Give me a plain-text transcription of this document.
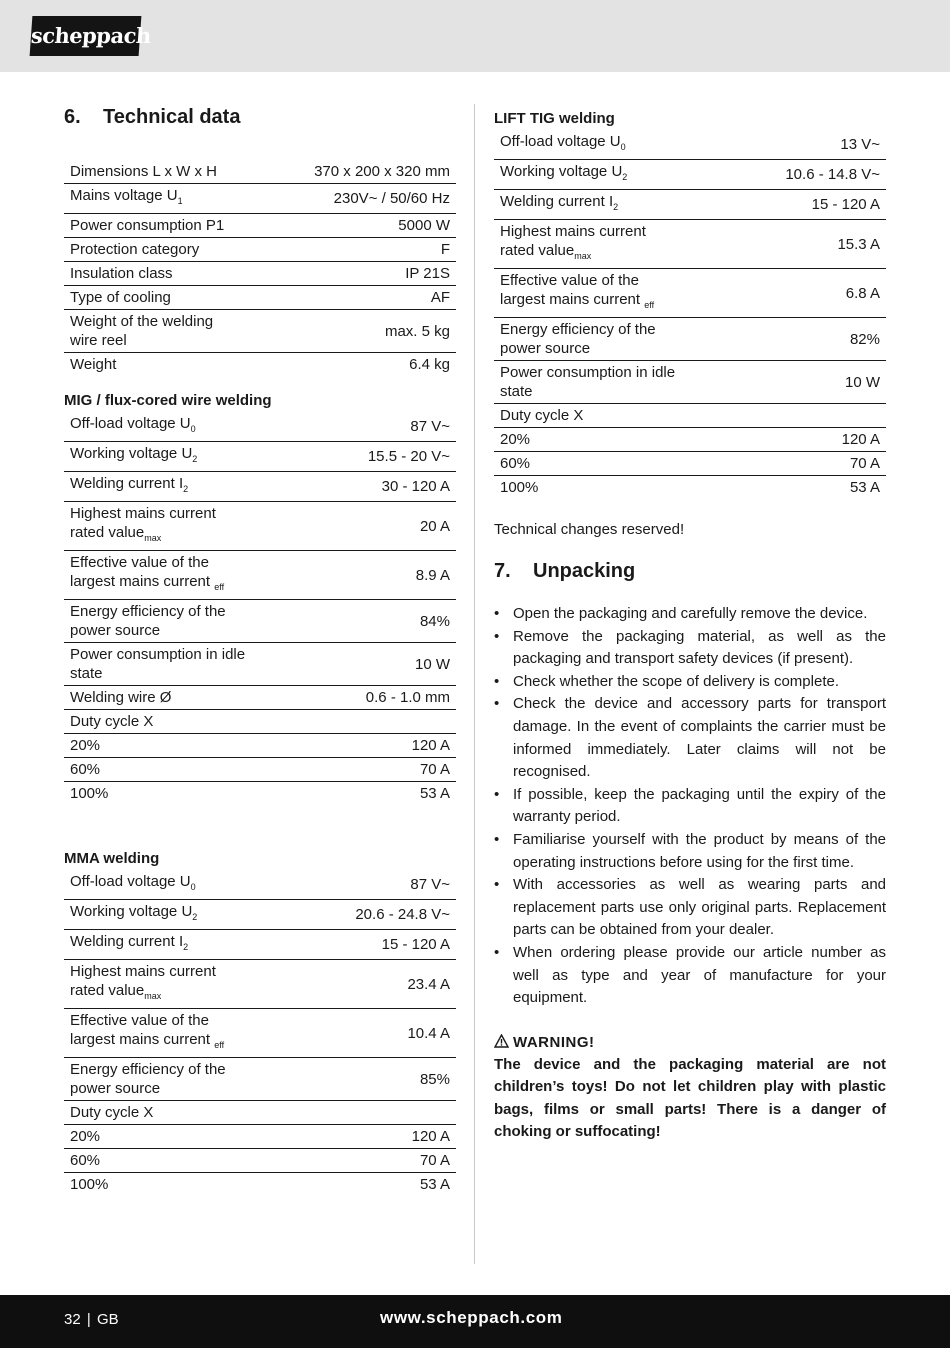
scheppach
6.	Technical data
Dimensions L x W x H	370 x 200 x 320 mm
Mains voltage $U_1$	230V~ / 50/60 Hz
Power consumption P1	5000 W
Protection category	F
Insulation class	IP 21S
Type of cooling	AF
Weight of the welding wire reel	max. 5 kg
Weight	6.4 kg
MIG / flux-cored wire welding
Off-load voltage $U_0$	87 V~
Working voltage $U_2$	15.5 - 20 V~
Welding current $I_2$	30 - 120 A
Highest mains current rated value$_{max}$	20 A
Effective value of the largest mains current $_{eff}$	8.9 A
Energy efficiency of the power source	84%
Power consumption in idle state	10 W
Welding wire Ø	0.6 - 1.0 mm
Duty cycle X	
20%	120 A
60%	70 A
100%	53 A
MMA welding
Off-load voltage $U_0$	87 V~
Working voltage $U_2$	20.6 - 24.8 V~
Welding current $I_2$	15 - 120 A
Highest mains current rated value$_{max}$	23.4 A
Effective value of the largest mains current $_{eff}$	10.4 A
Energy efficiency of the power source	85%
Duty cycle X	
20%	120 A
60%	70 A
100%	53 A
LIFT TIG welding
Off-load voltage $U_0$	13 V~
Working voltage $U_2$	10.6 - 14.8 V~
Welding current $I_2$	15 - 120 A
Highest mains current rated value$_{max}$	15.3 A
Effective value of the largest mains current $_{eff}$	6.8 A
Energy efficiency of the power source	82%
Power consumption in idle state	10 W
Duty cycle X	
20%	120 A
60%	70 A
100%	53 A

Technical changes reserved!

7.	Unpacking
• Open the packaging and carefully remove the device.
• Remove the packaging material, as well as the packaging and transport safety devices (if present).
• Check whether the scope of delivery is complete.
• Check the device and accessory parts for transport damage. In the event of complaints the carrier must be informed immediately. Later claims will not be recognised.
• If possible, keep the packaging until the expiry of the warranty period.
• Familiarise yourself with the product by means of the operating instructions before using for the first time.
• With accessories as well as wearing parts and replacement parts use only original parts. Replacement parts can be obtained from your dealer.
• When ordering please provide our article number as well as type and year of manufacture for your equipment.
WARNING!

The device and the packaging material are not children’s toys! Do not let children play with plastic bags, films or small parts! There is a danger of choking or suffocating!

32 | GB	www.scheppach.com
